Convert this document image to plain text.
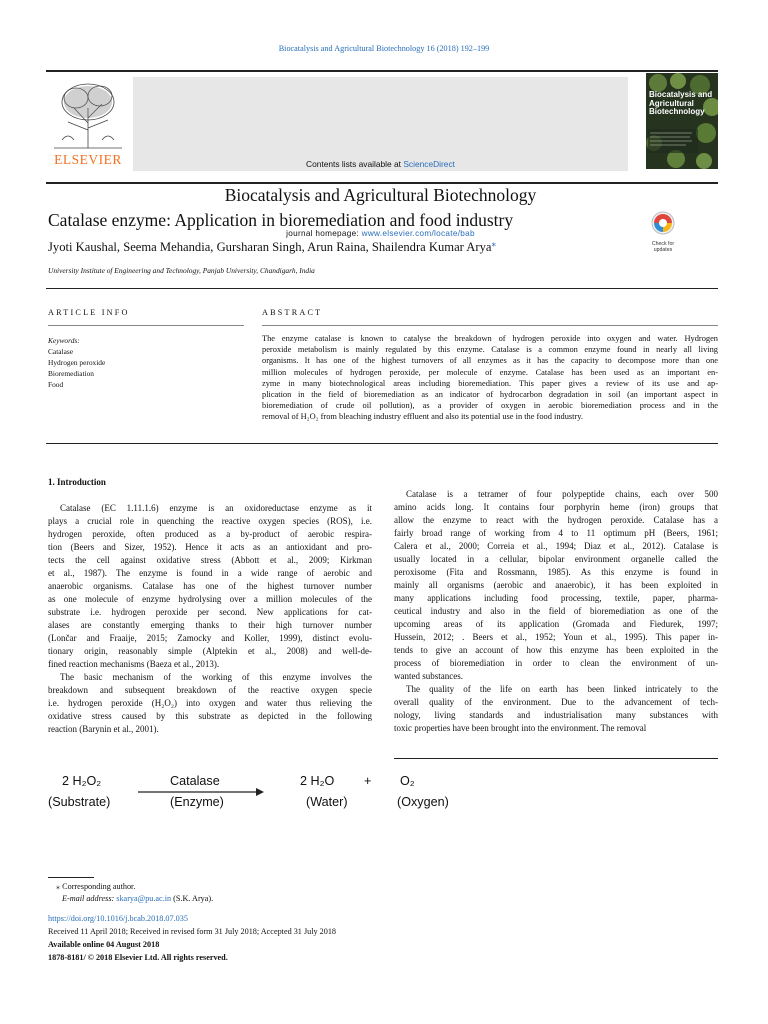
Biocatalysis and Agricultural Biotechnology 16 (2018) 192–199
ELSEVIER	Contents lists available at ScienceDirect
Biocatalysis and Agricultural Biotechnology
journal homepage: www.elsevier.com/locate/bab
Biocatalysis and Agricultural Biotechnology
Catalase enzyme: Application in bioremediation and food industry
Jyoti Kaushal, Seema Mehandia, Gursharan Singh, Arun Raina, Shailendra Kumar Arya⁎
University Institute of Engineering and Technology, Panjab University, Chandigarh, India
Check for
updates
ARTICLE INFO
Keywords:
Catalase
Hydrogen peroxide
Bioremediation
Food
ABSTRACT
The enzyme catalase is known to catalyse the breakdown of hydrogen peroxide into oxygen and water. Hydrogen
peroxide metabolism is mainly regulated by this enzyme. Catalase is a common enzyme found in nearly all living
organisms. It has one of the highest turnovers of all enzymes as it has the capacity to decompose more than one
million molecules of hydrogen peroxide, per molecule of enzyme. Catalase has been used as an important en-
zyme in many biotechnological areas including bioremediation. This paper gives a review of its use and ap-
plication in the field of bioremediation as an indicator of hydrocarbon degradation in soil (an important aspect in
bioremediation of crude oil pollution), as a provider of oxygen in aerobic bioremediation process and in the
removal of H₂O₂ from bleaching industry effluent and also its potential use in the food industry.
1. Introduction
Catalase (EC 1.11.1.6) enzyme is an oxidoreductase enzyme as it
plays a crucial role in quenching the reactive oxygen species (ROS), i.e.
hydrogen peroxide, often produced as a by-product of aerobic respira-
tion (Beers and Sizer, 1952). Hence it acts as an antioxidant and pro-
tects the cell against oxidative stress (Abbott et al., 2009; Kirkman
et al., 1987). The enzyme is found in a wide range of aerobic and
anaerobic organisms. Catalase has one of the highest turnover number
as one molecule of enzyme hydrolysing over a million molecules of the
substrate i.e. hydrogen peroxide per second. New applications for cat-
alases are constantly emerging thanks to their high turnover number
(Lončar and Fraaije, 2015; Zamocky and Koller, 1999), distinct evolu-
tionary origin, reasonably simple (Alptekin et al., 2008) and well-de-
fined reaction mechanisms (Baeza et al., 2013).
The basic mechanism of the working of this enzyme involves the
breakdown and subsequent breakdown of the reactive oxygen specie
i.e. hydrogen peroxide (H₂O₂) into oxygen and water thus relieving the
oxidative stress caused by this substrate as depicted in the following
reaction (Barynin et al., 2001).
Catalase is a tetramer of four polypeptide chains, each over 500
amino acids long. It contains four porphyrin heme (iron) groups that
allow the enzyme to react with the hydrogen peroxide. Catalase has a
fairly broad range of working from 4 to 11 optimum pH (Beers, 1961;
Calera et al., 2000; Correia et al., 1994; Diaz et al., 2012). Catalase is
usually located in a cellular, bipolar environment organelle called the
peroxisome (Fita and Rossmann, 1985). As this enzyme is found in
mainly all organisms (aerobic and anaerobic), it has been exploited in
many applications including food processing, textile, paper, pharma-
ceutical industry and also in the field of bioremediation as one of the
upcoming areas of its application (Gromada and Fiedurek, 1997;
Hussein, 2012; . Beers et al., 1952; Youn et al., 1995). This paper in-
tends to give an account of how this enzyme has been exploited in the
process of bioremediation in order to clean the environment of un-
wanted substances.
The quality of the life on earth has been linked intricately to the
overall quality of the environment. Due to the advancement of tech-
nology, living standards and industrialisation many substances with
toxic properties have been brought into the environment. The removal
2 H₂O₂
(Substrate)
Catalase
(Enzyme)
2 H₂O
(Water)
+ O₂
(Oxygen)
⁎ Corresponding author.
E-mail address: skarya@pu.ac.in (S.K. Arya).
https://doi.org/10.1016/j.bcab.2018.07.035
Received 11 April 2018; Received in revised form 31 July 2018; Accepted 31 July 2018
Available online 04 August 2018
1878-8181/ © 2018 Elsevier Ltd. All rights reserved.
